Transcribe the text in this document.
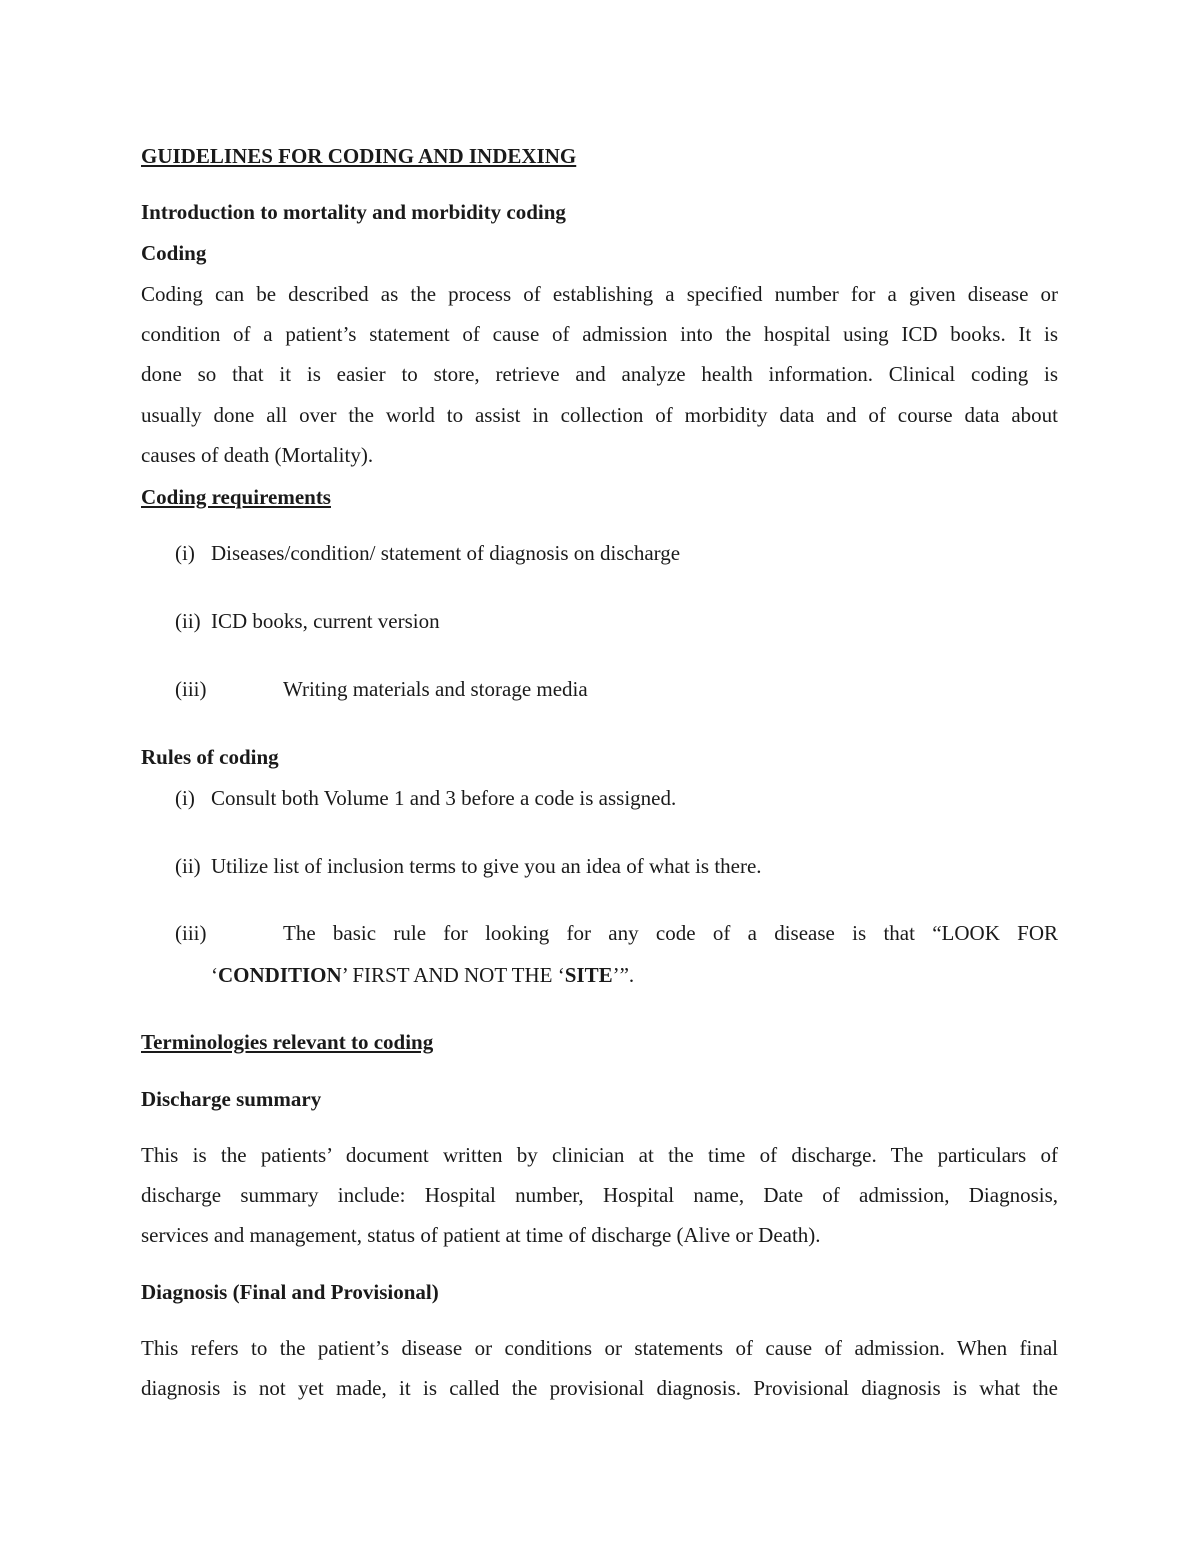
GUIDELINES FOR CODING AND INDEXING
Introduction to mortality and morbidity coding
Coding
Coding can be described as the process of establishing a specified number for a given disease or
condition of a patient’s statement of cause of admission into the hospital using ICD books. It is
done so that it is easier to store, retrieve and analyze health information. Clinical coding is
usually done all over the world to assist in collection of morbidity data and of course data about
causes of death (Mortality).
Coding requirements
(i) Diseases/condition/ statement of diagnosis on discharge
(ii) ICD books, current version
(iii)	Writing materials and storage media
Rules of coding
(i) Consult both Volume 1 and 3 before a code is assigned.
(ii) Utilize list of inclusion terms to give you an idea of what is there.
(iii)	The basic rule for looking for any code of a disease is that “LOOK FOR
‘CONDITION’ FIRST AND NOT THE ‘SITE’”.
Terminologies relevant to coding
Discharge summary
This is the patients’ document written by clinician at the time of discharge. The particulars of
discharge summary include: Hospital number, Hospital name, Date of admission, Diagnosis,
services and management, status of patient at time of discharge (Alive or Death).
Diagnosis (Final and Provisional)
This refers to the patient’s disease or conditions or statements of cause of admission. When final
diagnosis is not yet made, it is called the provisional diagnosis. Provisional diagnosis is what the
